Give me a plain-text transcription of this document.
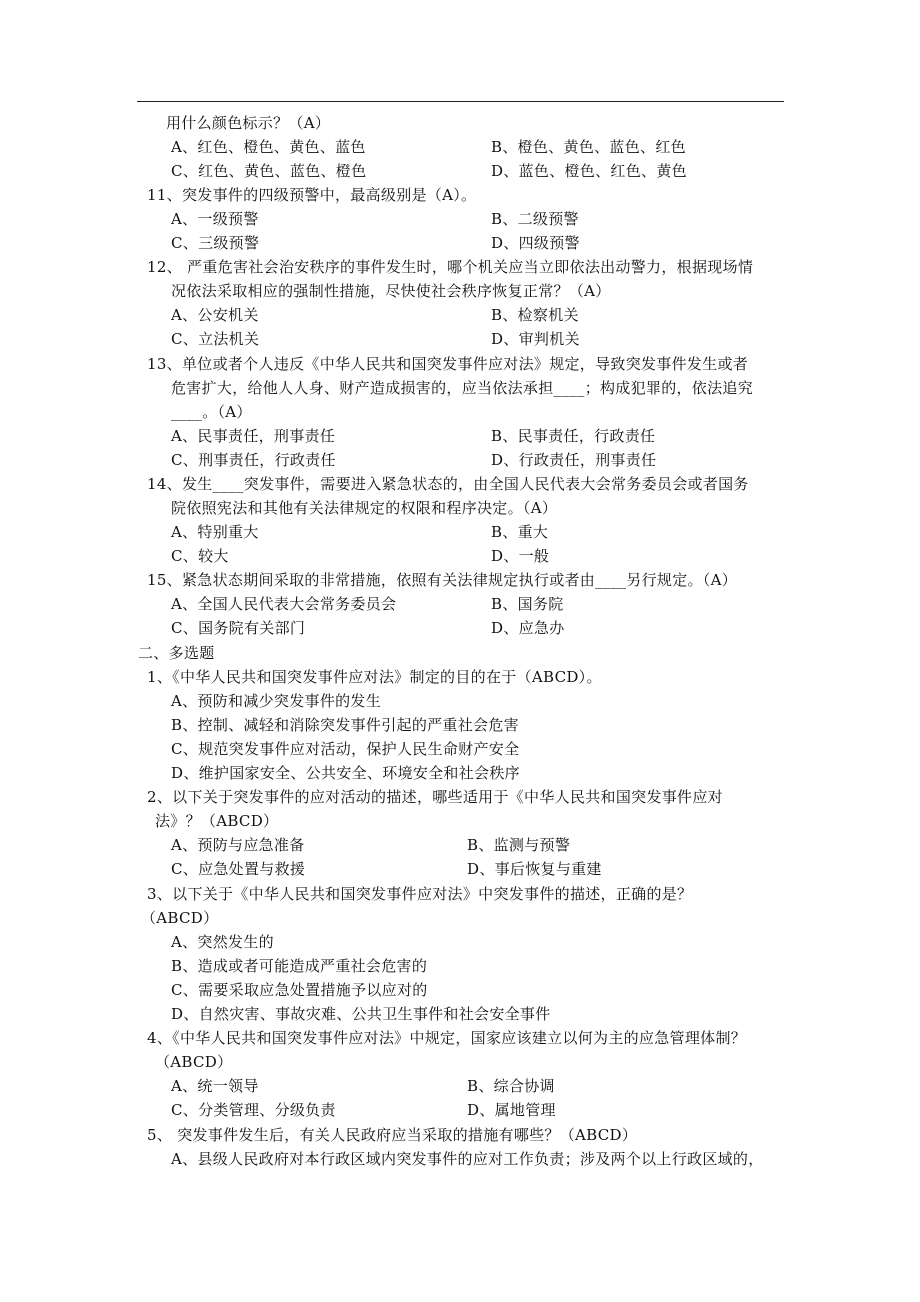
用什么颜色标示？（A）
A、红色、橙色、黄色、蓝色	B、橙色、黄色、蓝色、红色
C、红色、黄色、蓝色、橙色	D、蓝色、橙色、红色、黄色
11、突发事件的四级预警中，最高级别是（A）。
A、一级预警	B、二级预警
C、三级预警	D、四级预警
12、 严重危害社会治安秩序的事件发生时，哪个机关应当立即依法出动警力，根据现场情
况依法采取相应的强制性措施，尽快使社会秩序恢复正常？（A）
A、公安机关	B、检察机关
C、立法机关	D、审判机关
13、单位或者个人违反《中华人民共和国突发事件应对法》规定，导致突发事件发生或者
危害扩大，给他人人身、财产造成损害的，应当依法承担____；构成犯罪的，依法追究
____。（A）
A、民事责任，刑事责任	B、民事责任，行政责任
C、刑事责任，行政责任	D、行政责任，刑事责任
14、发生____突发事件，需要进入紧急状态的，由全国人民代表大会常务委员会或者国务
院依照宪法和其他有关法律规定的权限和程序决定。（A）
A、特别重大	B、重大
C、较大	D、一般
15、紧急状态期间采取的非常措施，依照有关法律规定执行或者由____另行规定。（A）
A、全国人民代表大会常务委员会	B、国务院
C、国务院有关部门	D、应急办
二、多选题
1、《中华人民共和国突发事件应对法》制定的目的在于（ABCD）。
A、预防和减少突发事件的发生
B、控制、减轻和消除突发事件引起的严重社会危害
C、规范突发事件应对活动，保护人民生命财产安全
D、维护国家安全、公共安全、环境安全和社会秩序
2、以下关于突发事件的应对活动的描述，哪些适用于《中华人民共和国突发事件应对
法》？（ABCD）
A、预防与应急准备	B、监测与预警
C、应急处置与救援	D、事后恢复与重建
3、以下关于《中华人民共和国突发事件应对法》中突发事件的描述，正确的是？
（ABCD）
A、突然发生的
B、造成或者可能造成严重社会危害的
C、需要采取应急处置措施予以应对的
D、自然灾害、事故灾难、公共卫生事件和社会安全事件
4、《中华人民共和国突发事件应对法》中规定，国家应该建立以何为主的应急管理体制？
（ABCD）
A、统一领导	B、综合协调
C、分类管理、分级负责	D、属地管理
5、 突发事件发生后，有关人民政府应当采取的措施有哪些？（ABCD）
A、县级人民政府对本行政区域内突发事件的应对工作负责；涉及两个以上行政区域的，
